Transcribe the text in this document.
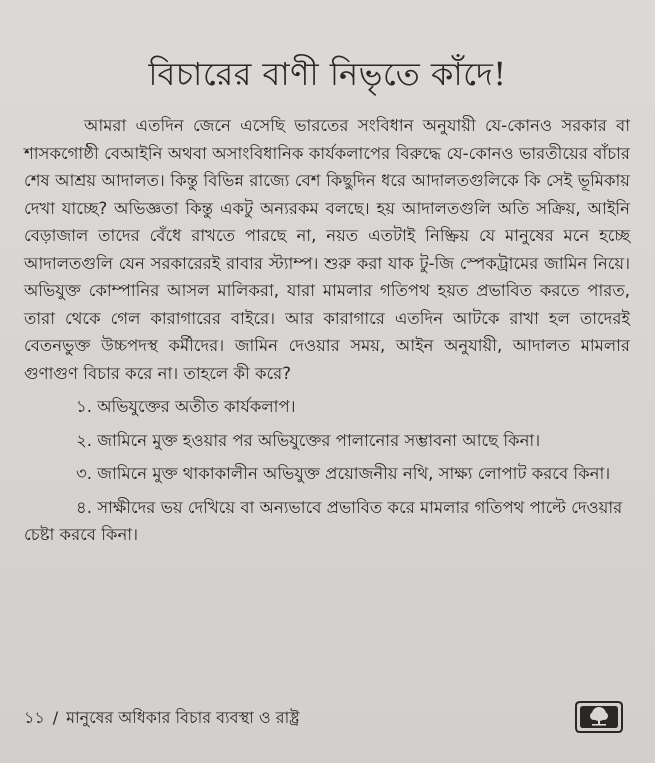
বিচারের বাণী নিভৃতে কাঁদে!

আমরা এতদিন জেনে এসেছি ভারতের সংবিধান অনুযায়ী যে-কোনও সরকার বা শাসকগোষ্ঠী বেআইনি অথবা অসাংবিধানিক কার্যকলাপের বিরুদ্ধে যে-কোনও ভারতীয়ের বাঁচার শেষ আশ্রয় আদালত। কিন্তু বিভিন্ন রাজ্যে বেশ কিছুদিন ধরে আদালতগুলিকে কি সেই ভূমিকায় দেখা যাচ্ছে? অভিজ্ঞতা কিন্তু একটু অন্যরকম বলছে। হয় আদালতগুলি অতি সক্রিয়, আইনি বেড়াজাল তাদের বেঁধে রাখতে পারছে না, নয়ত এতটাই নিষ্ক্রিয় যে মানুষের মনে হচ্ছে আদালতগুলি যেন সরকারেরই রাবার স্ট্যাম্প। শুরু করা যাক টু-জি স্পেকট্রামের জামিন নিয়ে। অভিযুক্ত কোম্পানির আসল মালিকরা, যারা মামলার গতিপথ হয়ত প্রভাবিত করতে পারত, তারা থেকে গেল কারাগারের বাইরে। আর কারাগারে এতদিন আটকে রাখা হল তাদেরই বেতনভুক্ত উচ্চপদস্থ কর্মীদের। জামিন দেওয়ার সময়, আইন অনুযায়ী, আদালত মামলার গুণাগুণ বিচার করে না। তাহলে কী করে?

১. অভিযুক্তের অতীত কার্যকলাপ।

২. জামিনে মুক্ত হওয়ার পর অভিযুক্তের পালানোর সম্ভাবনা আছে কিনা।

৩. জামিনে মুক্ত থাকাকালীন অভিযুক্ত প্রয়োজনীয় নথি, সাক্ষ্য লোপাট করবে কিনা।

৪. সাক্ষীদের ভয় দেখিয়ে বা অন্যভাবে প্রভাবিত করে মামলার গতিপথ পাল্টে দেওয়ার চেষ্টা করবে কিনা।

১১ / মানুষের অধিকার বিচার ব্যবস্থা ও রাষ্ট্র
